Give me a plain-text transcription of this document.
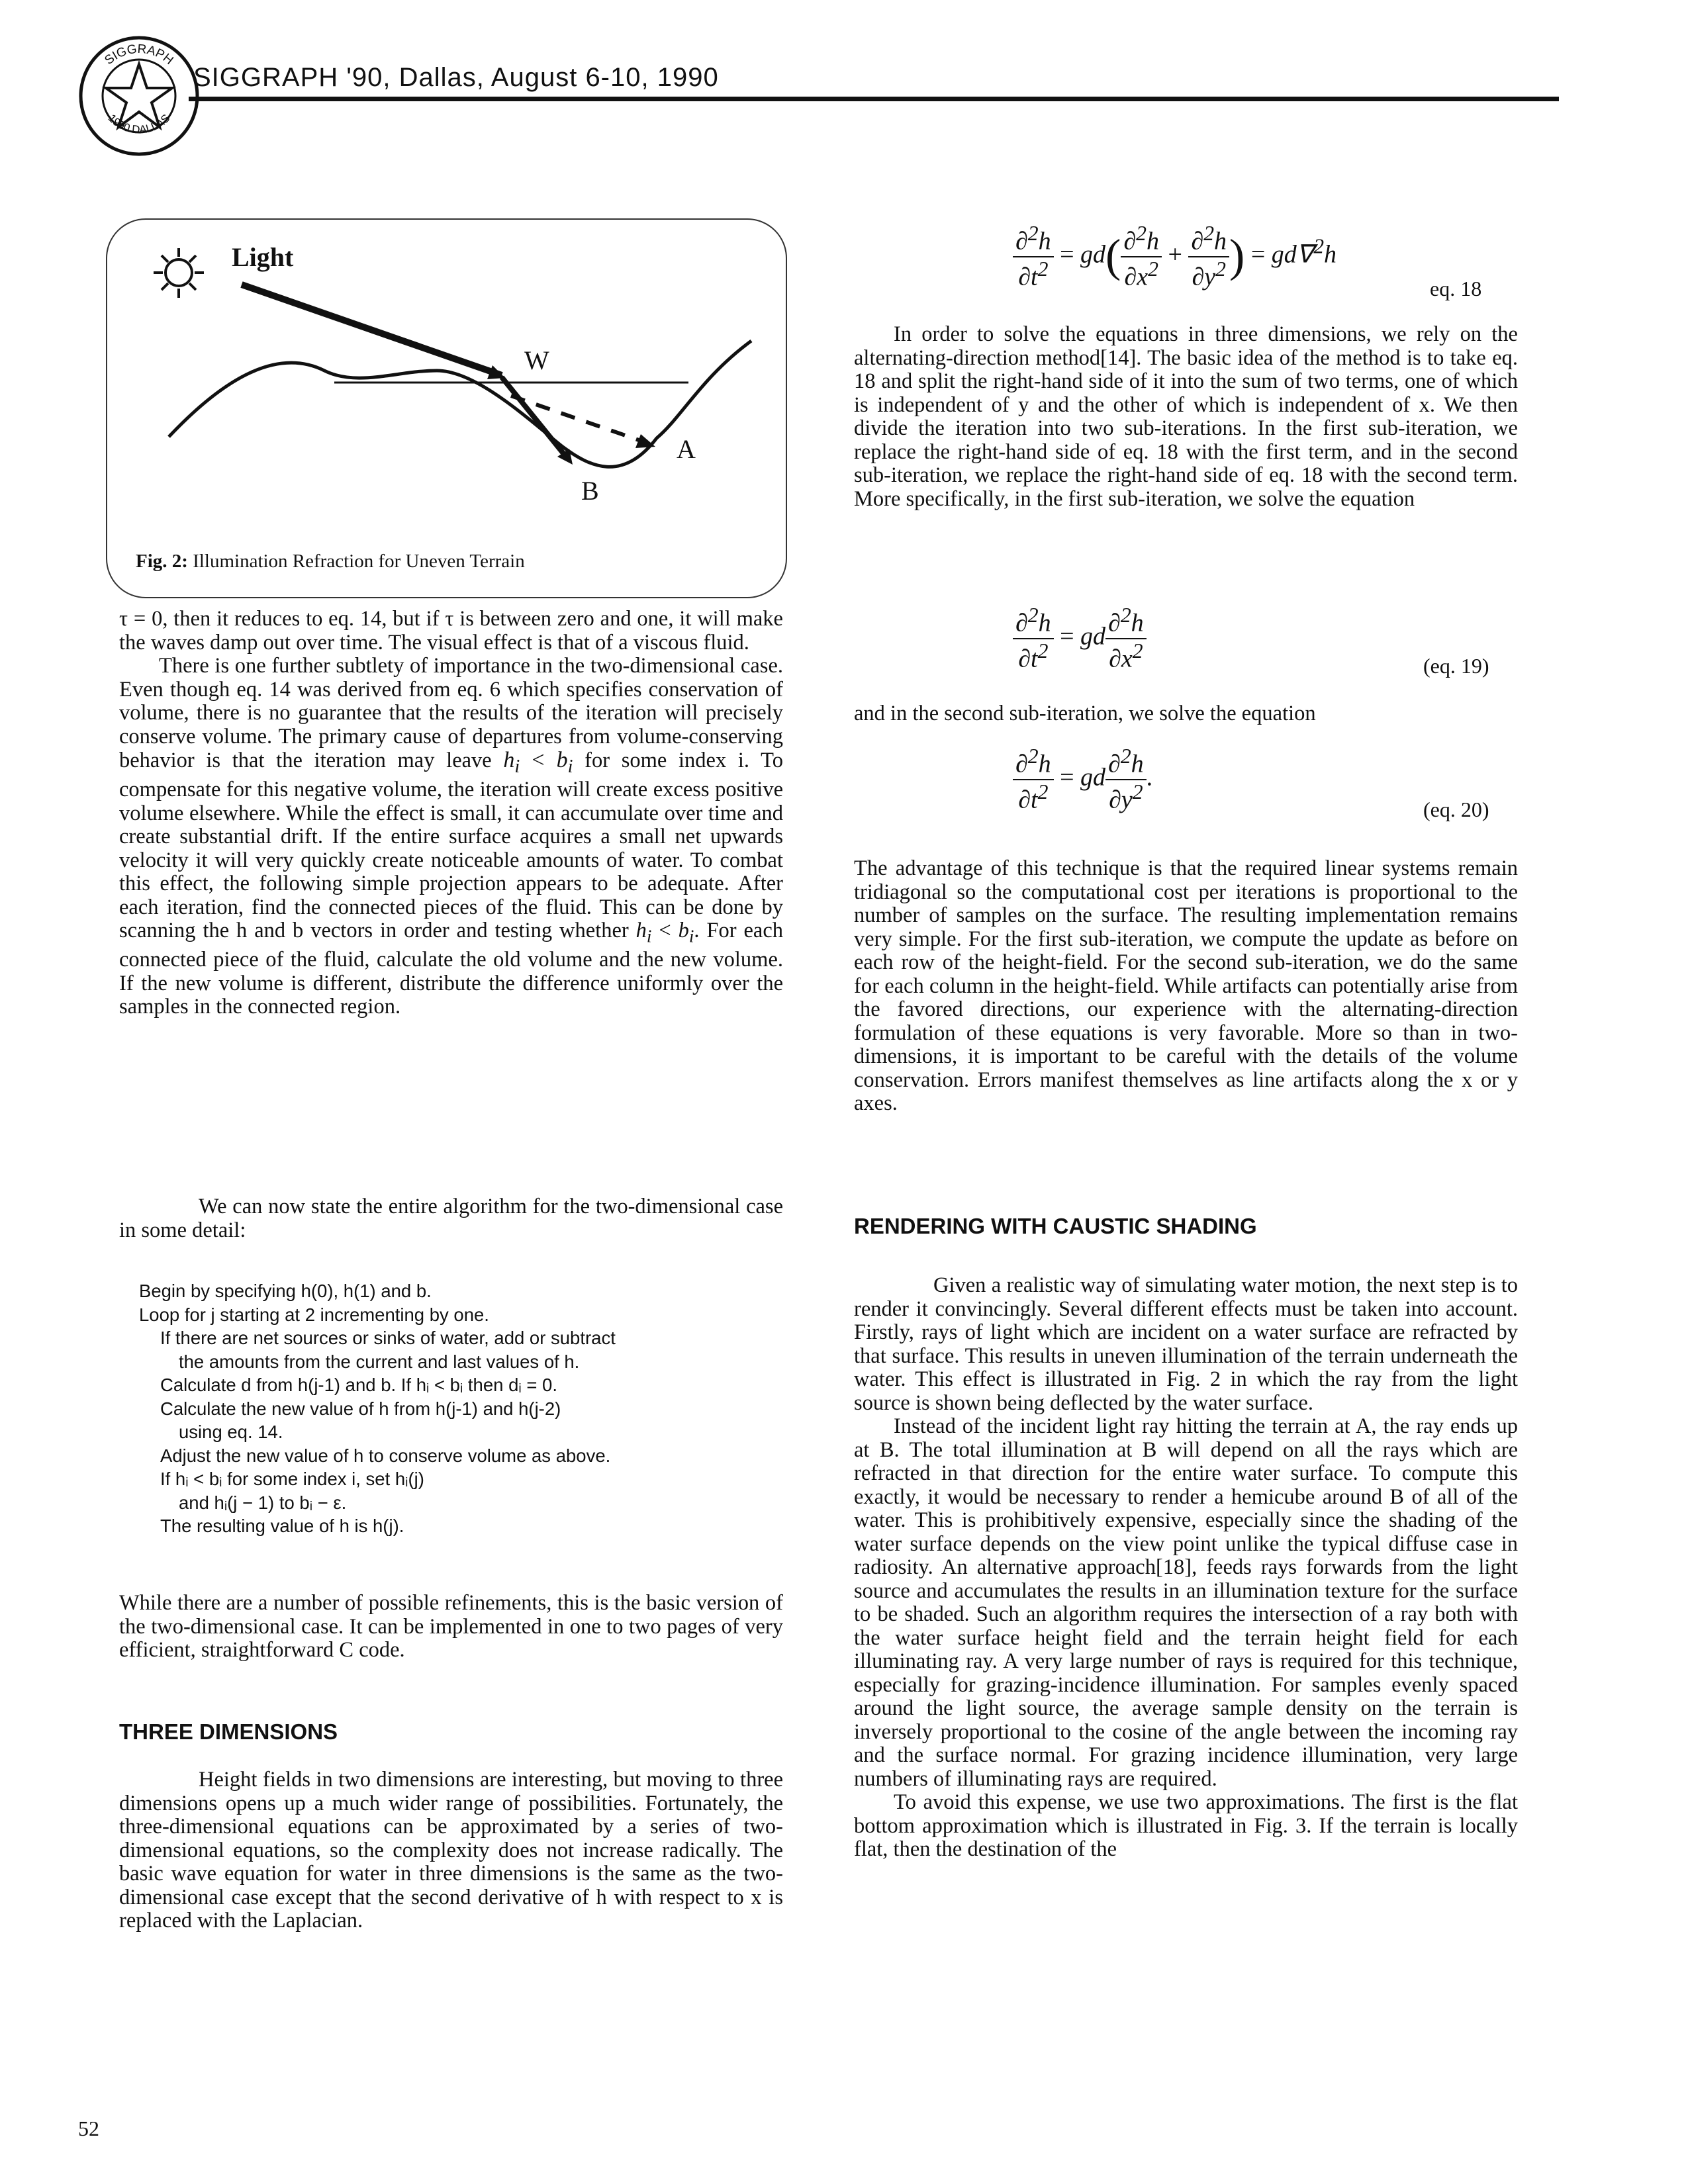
SIGGRAPH
1990 DALLAS
SIGGRAPH '90, Dallas, August 6-10, 1990
Light
W
A
B
Fig. 2: Illumination Refraction for Uneven Terrain

τ = 0, then it reduces to eq. 14, but if τ is between zero and one, it will make the waves damp out over time. The visual effect is that of a viscous fluid.

There is one further subtlety of importance in the two-dimensional case. Even though eq. 14 was derived from eq. 6 which specifies conservation of volume, there is no guarantee that the results of the iteration will precisely conserve volume. The primary cause of departures from volume-conserving behavior is that the iteration may leave $h_i < b_i$ for some index i. To compensate for this negative volume, the iteration will create excess positive volume elsewhere. While the effect is small, it can accumulate over time and create substantial drift. If the entire surface acquires a small net upwards velocity it will very quickly create noticeable amounts of water. To combat this effect, the following simple projection appears to be adequate. After each iteration, find the connected pieces of the fluid. This can be done by scanning the h and b vectors in order and testing whether $h_i < b_i$. For each connected piece of the fluid, calculate the old volume and the new volume. If the new volume is different, distribute the difference uniformly over the samples in the connected region.

We can now state the entire algorithm for the two-dimensional case in some detail:

Begin by specifying h(0), h(1) and b.
Loop for j starting at 2 incrementing by one.
If there are net sources or sinks of water, add or subtract
the amounts from the current and last values of h.
Calculate d from h(j-1) and b. If hᵢ < bᵢ then dᵢ = 0.
Calculate the new value of h from h(j-1) and h(j-2)
using eq. 14.
Adjust the new value of h to conserve volume as above.
If hᵢ < bᵢ for some index i, set hᵢ(j)
and hᵢ(j − 1) to bᵢ − ε.
The resulting value of h is h(j).

While there are a number of possible refinements, this is the basic version of the two-dimensional case. It can be implemented in one to two pages of very efficient, straightforward C code.

THREE DIMENSIONS

Height fields in two dimensions are interesting, but moving to three dimensions opens up a much wider range of possibilities. Fortunately, the three-dimensional equations can be approximated by a series of two-dimensional equations, so the complexity does not increase radically. The basic wave equation for water in three dimensions is the same as the two-dimensional case except that the second derivative of h with respect to x is replaced with the Laplacian.

$\frac{\partial^2h}{\partial t^2} = gd( \frac{\partial^2h}{\partial x^2} + \frac{\partial^2h}{\partial y^2}$ ) = gd∇$^2$h
eq. 18

In order to solve the equations in three dimensions, we rely on the alternating-direction method[14]. The basic idea of the method is to take eq. 18 and split the right-hand side of it into the sum of two terms, one of which is independent of y and the other of which is independent of x. We then divide the iteration into two sub-iterations. In the first sub-iteration, we replace the right-hand side of eq. 18 with the first term, and in the second sub-iteration, we replace the right-hand side of eq. 18 with the second term. More specifically, in the first sub-iteration, we solve the equation

$\frac{\partial^2h}{\partial t^2}$ = gd $\frac{\partial^2h}{\partial x^2}$	(eq. 19)

and in the second sub-iteration, we solve the equation

$\frac{\partial^2h}{\partial t^2}$ = gd $\frac{\partial^2h}{\partial y^2}$ .
(eq. 20)

The advantage of this technique is that the required linear systems remain tridiagonal so the computational cost per iterations is proportional to the number of samples on the surface. The resulting implementation remains very simple. For the first sub-iteration, we compute the update as before on each row of the height-field. For the second sub-iteration, we do the same for each column in the height-field. While artifacts can potentially arise from the favored directions, our experience with the alternating-direction formulation of these equations is very favorable. More so than in two-dimensions, it is important to be careful with the details of the volume conservation. Errors manifest themselves as line artifacts along the x or y axes.

RENDERING WITH CAUSTIC SHADING

Given a realistic way of simulating water motion, the next step is to render it convincingly. Several different effects must be taken into account. Firstly, rays of light which are incident on a water surface are refracted by that surface. This results in uneven illumination of the terrain underneath the water. This effect is illustrated in Fig. 2 in which the ray from the light source is shown being deflected by the water surface.

Instead of the incident light ray hitting the terrain at A, the ray ends up at B. The total illumination at B will depend on all the rays which are refracted in that direction for the entire water surface. To compute this exactly, it would be necessary to render a hemicube around B of all of the water. This is prohibitively expensive, especially since the shading of the water surface depends on the view point unlike the typical diffuse case in radiosity. An alternative approach[18], feeds rays forwards from the light source and accumulates the results in an illumination texture for the surface to be shaded. Such an algorithm requires the intersection of a ray both with the water surface height field and the terrain height field for each illuminating ray. A very large number of rays is required for this technique, especially for grazing-incidence illumination. For samples evenly spaced around the light source, the average sample density on the terrain is inversely proportional to the cosine of the angle between the incoming ray and the surface normal. For grazing incidence illumination, very large numbers of illuminating rays are required.

To avoid this expense, we use two approximations. The first is the flat bottom approximation which is illustrated in Fig. 3. If the terrain is locally flat, then the destination of the

52
